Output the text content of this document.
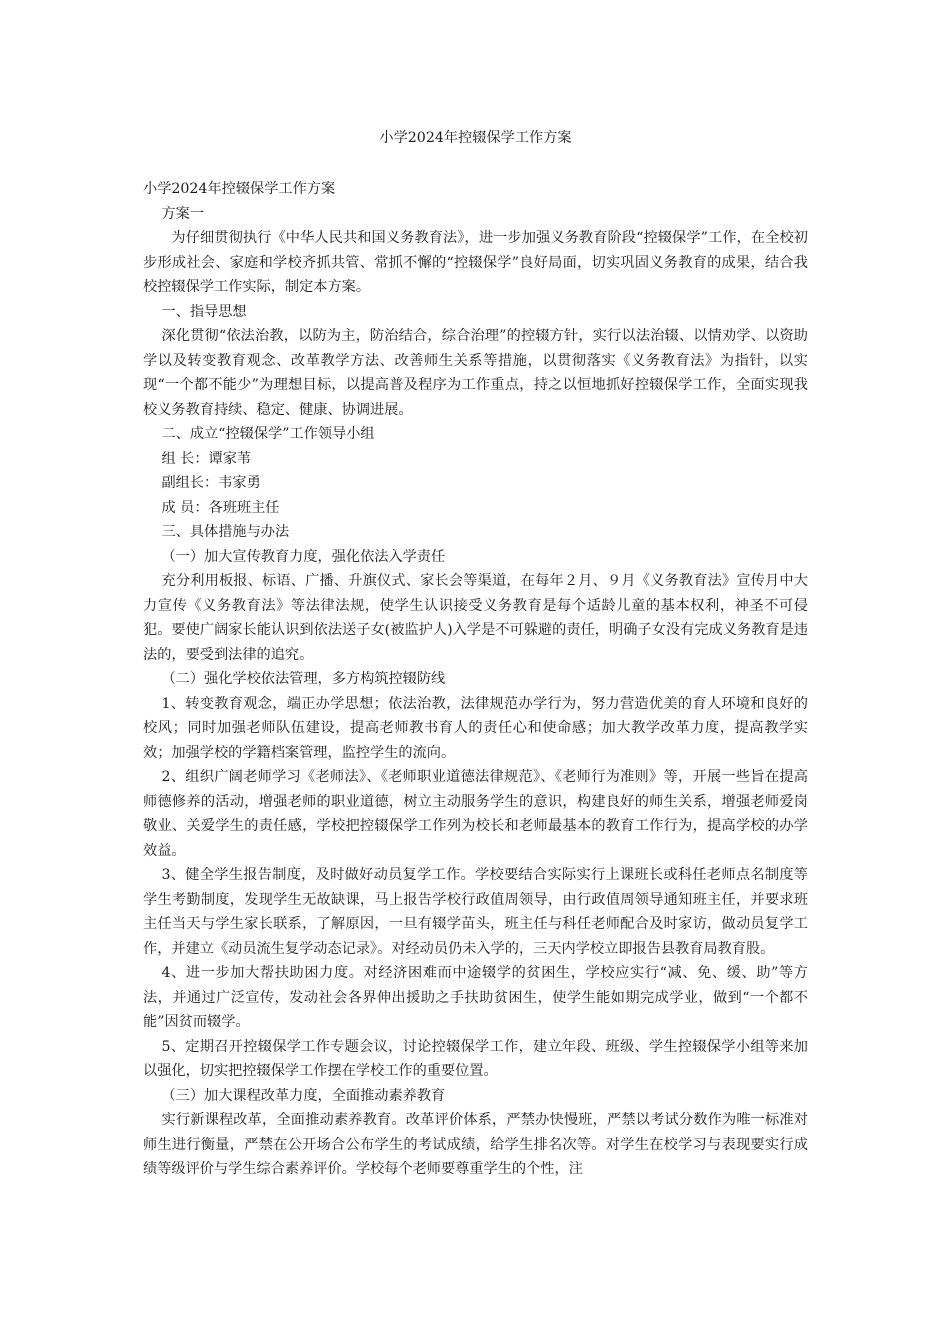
小学2024年控辍保学工作方案

小学2024年控辍保学工作方案

方案一

为仔细贯彻执行《中华人民共和国义务教育法》，进一步加强义务教育阶段“控辍保学”工作，在全校初步形成社会、家庭和学校齐抓共管、常抓不懈的“控辍保学”良好局面，切实巩固义务教育的成果，结合我校控辍保学工作实际，制定本方案。

一、指导思想

深化贯彻“依法治教，以防为主，防治结合，综合治理”的控辍方针，实行以法治辍、以情劝学、以资助学以及转变教育观念、改革教学方法、改善师生关系等措施，以贯彻落实《义务教育法》为指针，以实现“一个都不能少”为理想目标，以提高普及程序为工作重点，持之以恒地抓好控辍保学工作，全面实现我校义务教育持续、稳定、健康、协调进展。

二、成立“控辍保学”工作领导小组

组 长：谭家苇

副组长：韦家勇

成 员：各班班主任

三、具体措施与办法

（一）加大宣传教育力度，强化依法入学责任

充分利用板报、标语、广播、升旗仪式、家长会等渠道，在每年２月、９月《义务教育法》宣传月中大力宣传《义务教育法》等法律法规，使学生认识接受义务教育是每个适龄儿童的基本权利，神圣不可侵犯。要使广阔家长能认识到依法送子女(被监护人)入学是不可躲避的责任，明确子女没有完成义务教育是违法的，要受到法律的追究。

（二）强化学校依法管理，多方构筑控辍防线

1、转变教育观念，端正办学思想；依法治教，法律规范办学行为，努力营造优美的育人环境和良好的校风；同时加强老师队伍建设，提高老师教书育人的责任心和使命感；加大教学改革力度，提高教学实效；加强学校的学籍档案管理，监控学生的流向。

2、组织广阔老师学习《老师法》、《老师职业道德法律规范》、《老师行为准则》等，开展一些旨在提高师德修养的活动，增强老师的职业道德，树立主动服务学生的意识，构建良好的师生关系，增强老师爱岗敬业、关爱学生的责任感，学校把控辍保学工作列为校长和老师最基本的教育工作行为，提高学校的办学效益。

3、健全学生报告制度，及时做好动员复学工作。学校要结合实际实行上课班长或科任老师点名制度等学生考勤制度，发现学生无故缺课，马上报告学校行政值周领导，由行政值周领导通知班主任，并要求班主任当天与学生家长联系，了解原因，一旦有辍学苗头，班主任与科任老师配合及时家访，做动员复学工作，并建立《动员流生复学动态记录》。对经动员仍未入学的，三天内学校立即报告县教育局教育股。

4、进一步加大帮扶助困力度。对经济困难而中途辍学的贫困生，学校应实行“减、免、缓、助”等方法，并通过广泛宣传，发动社会各界伸出援助之手扶助贫困生，使学生能如期完成学业，做到“一个都不能”因贫而辍学。

5、定期召开控辍保学工作专题会议，讨论控辍保学工作，建立年段、班级、学生控辍保学小组等来加以强化，切实把控辍保学工作摆在学校工作的重要位置。

（三）加大课程改革力度，全面推动素养教育

实行新课程改革，全面推动素养教育。改革评价体系，严禁办快慢班，严禁以考试分数作为唯一标准对师生进行衡量，严禁在公开场合公布学生的考试成绩，给学生排名次等。对学生在校学习与表现要实行成绩等级评价与学生综合素养评价。学校每个老师要尊重学生的个性，注
